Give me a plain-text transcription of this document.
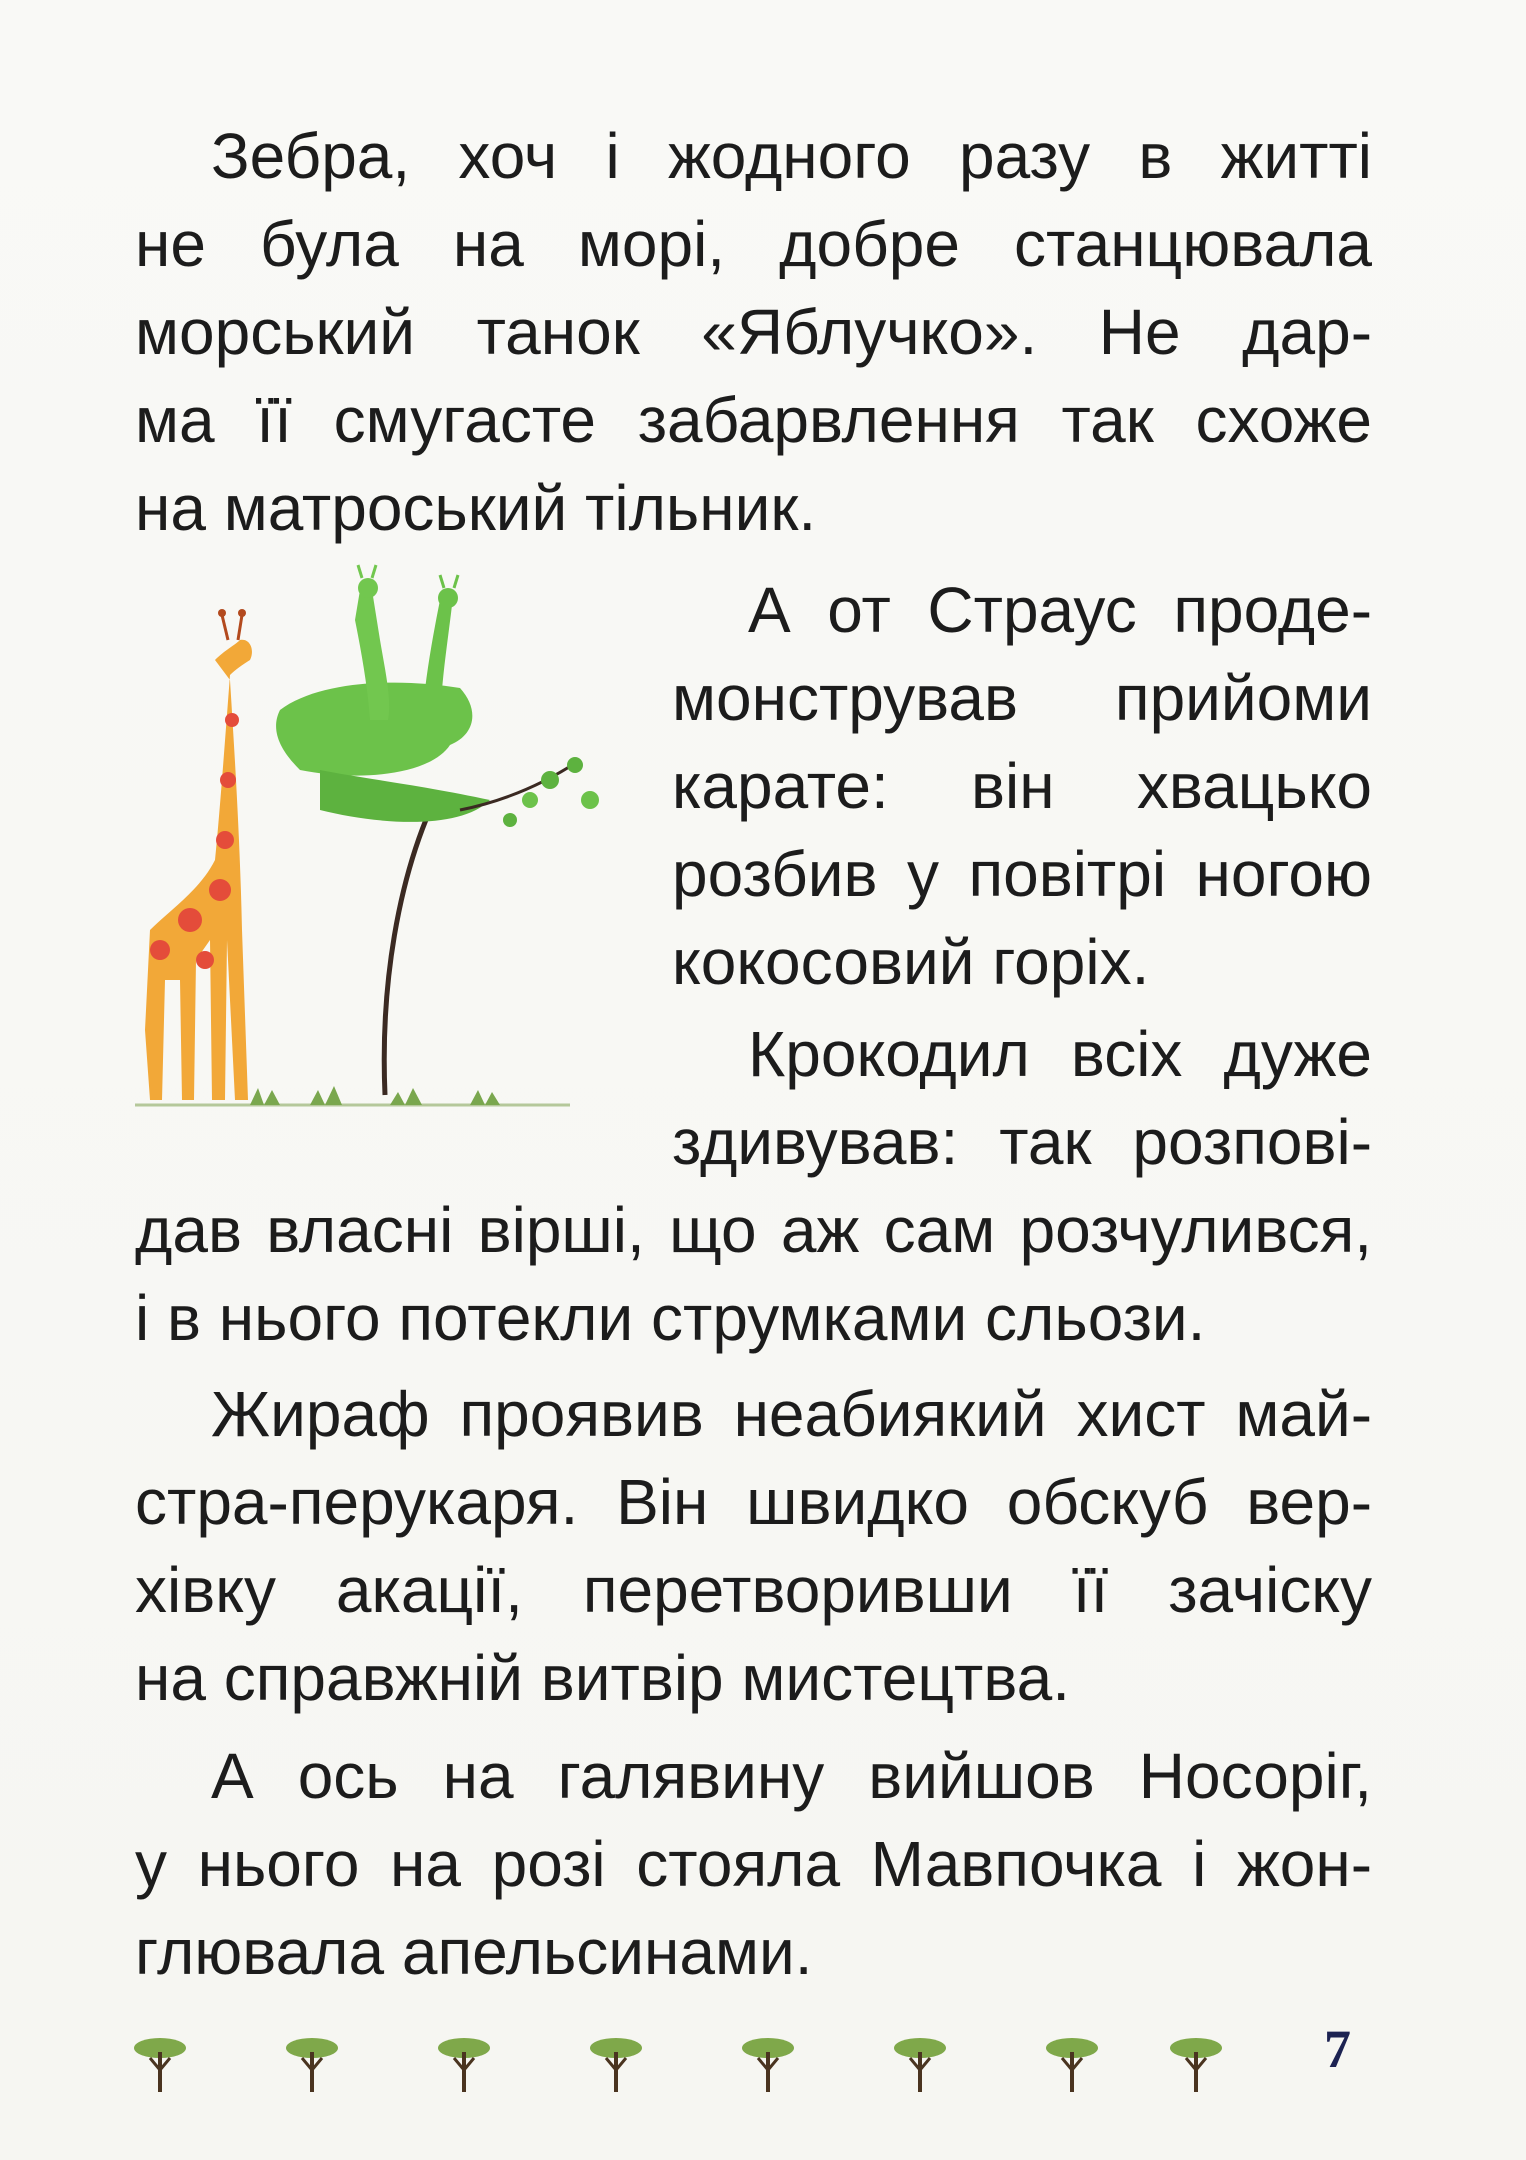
Зебра, хоч і жодного разу в житті
не була на морі, добре станцювала
морський танок «Яблучко». Не дар-
ма її смугасте забарвлення так схоже
на матроський тільник.
А от Страус проде-
монстрував прийоми
карате: він хвацько
розбив у повітрі ногою
кокосовий горіх.
Крокодил всіх дуже
здивував: так розпові-
дав власні вірші, що аж сам розчулився,
і в нього потекли струмками сльози.
Жираф проявив неабиякий хист май-
стра-перукаря. Він швидко обскуб вер-
хівку акації, перетворивши її зачіску
на справжній витвір мистецтва.
А ось на галявину вийшов Носоріг,
у нього на розі стояла Мавпочка і жон-
глювала апельсинами.
7
